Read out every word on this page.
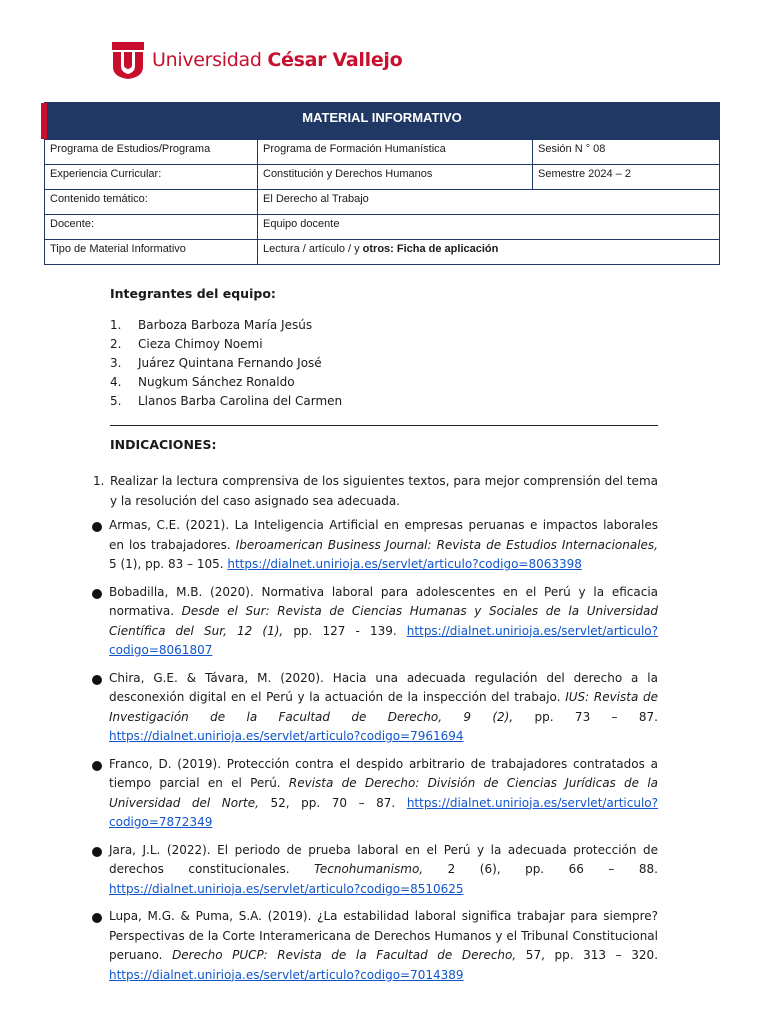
Universidad César Vallejo
MATERIAL INFORMATIVO
Programa de Estudios/Programa	Programa de Formación Humanística	Sesión N ° 08
Experiencia Curricular:	Constitución y Derechos Humanos	Semestre 2024 – 2
Contenido temático:	El Derecho al Trabajo
Docente:	Equipo docente
Tipo de Material Informativo	Lectura / artículo / y otros: Ficha de aplicación
Integrantes del equipo:
1.	Barboza Barboza María Jesús
2.	Cieza Chimoy Noemi
3.	Juárez Quintana Fernando José
4.	Nugkum Sánchez Ronaldo
5.	Llanos Barba Carolina del Carmen
INDICACIONES:
1. Realizar la lectura comprensiva de los siguientes textos, para mejor comprensión del tema y la resolución del caso asignado sea adecuada.
Armas, C.E. (2021). La Inteligencia Artificial en empresas peruanas e impactos laborales en los trabajadores. Iberoamerican Business Journal: Revista de Estudios Internacionales, 5 (1), pp. 83 – 105. https://dialnet.unirioja.es/servlet/articulo?codigo=8063398
Bobadilla, M.B. (2020). Normativa laboral para adolescentes en el Perú y la eficacia normativa. Desde el Sur: Revista de Ciencias Humanas y Sociales de la Universidad Científica del Sur, 12 (1), pp. 127 - 139. https://dialnet.unirioja.es/servlet/articulo?codigo=8061807
Chira, G.E. & Távara, M. (2020). Hacia una adecuada regulación del derecho a la desconexión digital en el Perú y la actuación de la inspección del trabajo. IUS: Revista de Investigación de la Facultad de Derecho, 9 (2), pp. 73 – 87. https://dialnet.unirioja.es/servlet/articulo?codigo=7961694
Franco, D. (2019). Protección contra el despido arbitrario de trabajadores contratados a tiempo parcial en el Perú. Revista de Derecho: División de Ciencias Jurídicas de la Universidad del Norte, 52, pp. 70 – 87. https://dialnet.unirioja.es/servlet/articulo?codigo=7872349
Jara, J.L. (2022). El periodo de prueba laboral en el Perú y la adecuada protección de derechos constitucionales. Tecnohumanismo, 2 (6), pp. 66 – 88. https://dialnet.unirioja.es/servlet/articulo?codigo=8510625
Lupa, M.G. & Puma, S.A. (2019). ¿La estabilidad laboral significa trabajar para siempre? Perspectivas de la Corte Interamericana de Derechos Humanos y el Tribunal Constitucional peruano. Derecho PUCP: Revista de la Facultad de Derecho, 57, pp. 313 – 320. https://dialnet.unirioja.es/servlet/articulo?codigo=7014389
